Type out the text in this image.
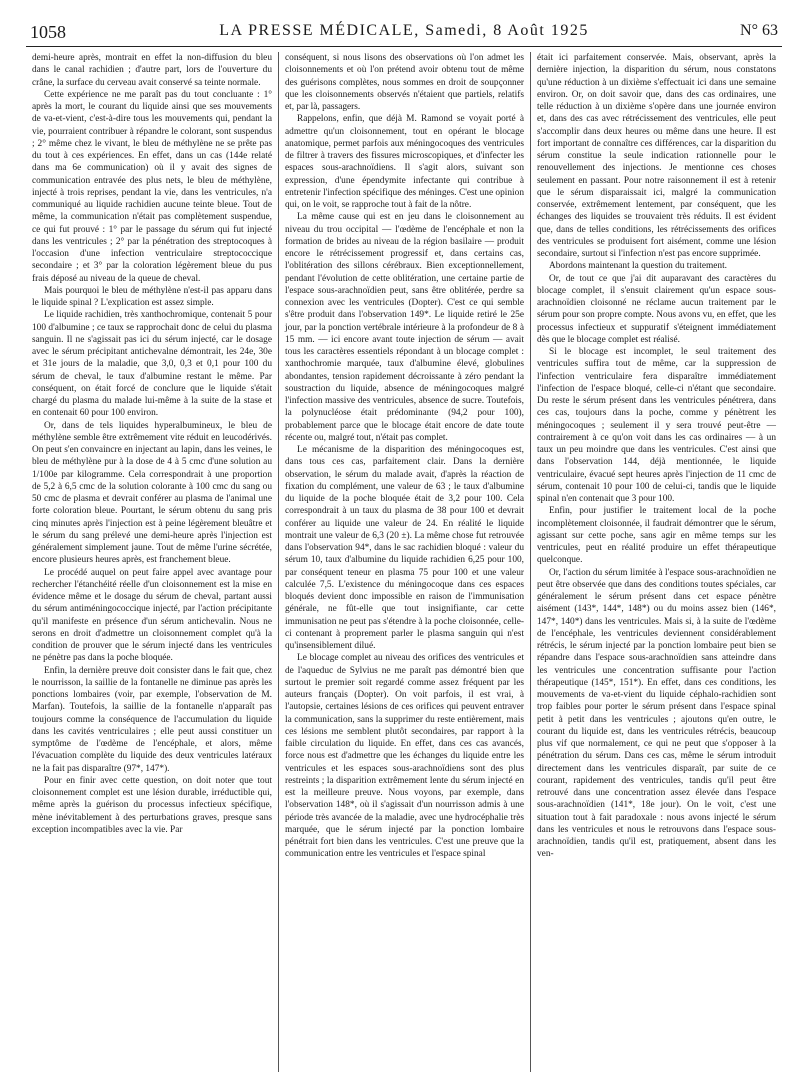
1058	LA PRESSE MÉDICALE, Samedi, 8 Août 1925	N° 63

demi-heure après, montrait en effet la non-diffusion du bleu dans le canal rachidien ; d'autre part, lors de l'ouverture du crâne, la surface du cerveau avait conservé sa teinte normale.

Cette expérience ne me paraît pas du tout concluante : 1° après la mort, le courant du liquide ainsi que ses mouvements de va-et-vient, c'est-à-dire tous les mouvements qui, pendant la vie, pourraient contribuer à répandre le colorant, sont suspendus ; 2° même chez le vivant, le bleu de méthylène ne se prête pas du tout à ces expériences. En effet, dans un cas (144e relaté dans ma 6e communication) où il y avait des signes de communication entravée des plus nets, le bleu de méthylène, injecté à trois reprises, pendant la vie, dans les ventricules, n'a communiqué au liquide rachidien aucune teinte bleue. Tout de même, la communication n'était pas complètement suspendue, ce qui fut prouvé : 1° par le passage du sérum qui fut injecté dans les ventricules ; 2° par la pénétration des streptocoques à l'occasion d'une infection ventriculaire streptococcique secondaire ; et 3° par la coloration légèrement bleue du pus frais déposé au niveau de la queue de cheval.

Mais pourquoi le bleu de méthylène n'est-il pas apparu dans le liquide spinal ? L'explication est assez simple.

Le liquide rachidien, très xanthochromique, contenait 5 pour 100 d'albumine ; ce taux se rapprochait donc de celui du plasma sanguin. Il ne s'agissait pas ici du sérum injecté, car le dosage avec le sérum précipitant antichevalne démontrait, les 24e, 30e et 31e jours de la maladie, que 3,0, 0,3 et 0,1 pour 100 du sérum de cheval, le taux d'albumine restant le même. Par conséquent, on était forcé de conclure que le liquide s'était chargé du plasma du malade lui-même à la suite de la stase et en contenait 60 pour 100 environ.

Or, dans de tels liquides hyperalbumineux, le bleu de méthylène semble être extrêmement vite réduit en leucodérivés. On peut s'en convaincre en injectant au lapin, dans les veines, le bleu de méthylène pur à la dose de 4 à 5 cmc d'une solution au 1/100e par kilogramme. Cela correspondrait à une proportion de 5,2 à 6,5 cmc de la solution colorante à 100 cmc du sang ou 50 cmc de plasma et devrait conférer au plasma de l'animal une forte coloration bleue. Pourtant, le sérum obtenu du sang pris cinq minutes après l'injection est à peine légèrement bleuâtre et le sérum du sang prélevé une demi-heure après l'injection est généralement simplement jaune. Tout de même l'urine sécrétée, encore plusieurs heures après, est franchement bleue.

Le procédé auquel on peut faire appel avec avantage pour rechercher l'étanchéité réelle d'un cloisonnement est la mise en évidence même et le dosage du sérum de cheval, partant aussi du sérum antiméningococcique injecté, par l'action précipitante qu'il manifeste en présence d'un sérum antichevalin. Nous ne serons en droit d'admettre un cloisonnement complet qu'à la condition de prouver que le sérum injecté dans les ventricules ne pénètre pas dans la poche bloquée.

Enfin, la dernière preuve doit consister dans le fait que, chez le nourrisson, la saillie de la fontanelle ne diminue pas après les ponctions lombaires (voir, par exemple, l'observation de M. Marfan). Toutefois, la saillie de la fontanelle n'apparaît pas toujours comme la conséquence de l'accumulation du liquide dans les cavités ventriculaires ; elle peut aussi constituer un symptôme de l'œdème de l'encéphale, et alors, même l'évacuation complète du liquide des deux ventricules latéraux ne la fait pas disparaître (97*, 147*).

Pour en finir avec cette question, on doit noter que tout cloisonnement complet est une lésion durable, irréductible qui, même après la guérison du processus infectieux spécifique, mène inévitablement à des perturbations graves, presque sans exception incompatibles avec la vie. Par

conséquent, si nous lisons des observations où l'on admet les cloisonnements et où l'on prétend avoir obtenu tout de même des guérisons complètes, nous sommes en droit de soupçonner que les cloisonnements observés n'étaient que partiels, relatifs et, par là, passagers.

Rappelons, enfin, que déjà M. Ramond se voyait porté à admettre qu'un cloisonnement, tout en opérant le blocage anatomique, permet parfois aux méningocoques des ventricules de filtrer à travers des fissures microscopiques, et d'infecter les espaces sous-arachnoïdiens. Il s'agit alors, suivant son expression, d'une épendymite infectante qui contribue à entretenir l'infection spécifique des méninges. C'est une opinion qui, on le voit, se rapproche tout à fait de la nôtre.

La même cause qui est en jeu dans le cloisonnement au niveau du trou occipital — l'œdème de l'encéphale et non la formation de brides au niveau de la région basilaire — produit encore le rétrécissement progressif et, dans certains cas, l'oblitération des sillons cérébraux. Bien exceptionnellement, pendant l'évolution de cette oblitération, une certaine partie de l'espace sous-arachnoïdien peut, sans être oblitérée, perdre sa connexion avec les ventricules (Dopter). C'est ce qui semble s'être produit dans l'observation 149*. Le liquide retiré le 25e jour, par la ponction vertébrale intérieure à la profondeur de 8 à 15 mm. — ici encore avant toute injection de sérum — avait tous les caractères essentiels répondant à un blocage complet : xanthochromie marquée, taux d'albumine élevé, globulines abondantes, tension rapidement décroissante à zéro pendant la soustraction du liquide, absence de méningocoques malgré l'infection massive des ventricules, absence de sucre. Toutefois, la polynucléose était prédominante (94,2 pour 100), probablement parce que le blocage était encore de date toute récente ou, malgré tout, n'était pas complet.

Le mécanisme de la disparition des méningocoques est, dans tous ces cas, parfaitement clair. Dans la dernière observation, le sérum du malade avait, d'après la réaction de fixation du complément, une valeur de 63 ; le taux d'albumine du liquide de la poche bloquée était de 3,2 pour 100. Cela correspondrait à un taux du plasma de 38 pour 100 et devrait conférer au liquide une valeur de 24. En réalité le liquide montrait une valeur de 6,3 (20 ±). La même chose fut retrouvée dans l'observation 94*, dans le sac rachidien bloqué : valeur du sérum 10, taux d'albumine du liquide rachidien 6,25 pour 100, par conséquent teneur en plasma 75 pour 100 et une valeur calculée 7,5. L'existence du méningocoque dans ces espaces bloqués devient donc impossible en raison de l'immunisation générale, ne fût-elle que tout insignifiante, car cette immunisation ne peut pas s'étendre à la poche cloisonnée, celle-ci contenant à proprement parler le plasma sanguin qui n'est qu'insensiblement dilué.

Le blocage complet au niveau des orifices des ventricules et de l'aqueduc de Sylvius ne me paraît pas démontré bien que surtout le premier soit regardé comme assez fréquent par les auteurs français (Dopter). On voit parfois, il est vrai, à l'autopsie, certaines lésions de ces orifices qui peuvent entraver la communication, sans la supprimer du reste entièrement, mais ces lésions me semblent plutôt secondaires, par rapport à la faible circulation du liquide. En effet, dans ces cas avancés, force nous est d'admettre que les échanges du liquide entre les ventricules et les espaces sous-arachnoïdiens sont des plus restreints ; la disparition extrêmement lente du sérum injecté en est la meilleure preuve. Nous voyons, par exemple, dans l'observation 148*, où il s'agissait d'un nourrisson admis à une période très avancée de la maladie, avec une hydrocéphalie très marquée, que le sérum injecté par la ponction lombaire pénétrait fort bien dans les ventricules. C'est une preuve que la communication entre les ventricules et l'espace spinal

était ici parfaitement conservée. Mais, observant, après la dernière injection, la disparition du sérum, nous constatons qu'une réduction à un dixième s'effectuait ici dans une semaine environ. Or, on doit savoir que, dans des cas ordinaires, une telle réduction à un dixième s'opère dans une journée environ et, dans des cas avec rétrécissement des ventricules, elle peut s'accomplir dans deux heures ou même dans une heure. Il est fort important de connaître ces différences, car la disparition du sérum constitue la seule indication rationnelle pour le renouvellement des injections. Je mentionne ces choses seulement en passant. Pour notre raisonnement il est à retenir que le sérum disparaissait ici, malgré la communication conservée, extrêmement lentement, par conséquent, que les échanges des liquides se trouvaient très réduits. Il est évident que, dans de telles conditions, les rétrécissements des orifices des ventricules se produisent fort aisément, comme une lésion secondaire, surtout si l'infection n'est pas encore supprimée.

Abordons maintenant la question du traitement.

Or, de tout ce que j'ai dit auparavant des caractères du blocage complet, il s'ensuit clairement qu'un espace sous-arachnoïdien cloisonné ne réclame aucun traitement par le sérum pour son propre compte. Nous avons vu, en effet, que les processus infectieux et suppuratif s'éteignent immédiatement dès que le blocage complet est réalisé.

Si le blocage est incomplet, le seul traitement des ventricules suffira tout de même, car la suppression de l'infection ventriculaire fera disparaître immédiatement l'infection de l'espace bloqué, celle-ci n'étant que secondaire. Du reste le sérum présent dans les ventricules pénétrera, dans ces cas, toujours dans la poche, comme y pénètrent les méningocoques ; seulement il y sera trouvé peut-être — contrairement à ce qu'on voit dans les cas ordinaires — à un taux un peu moindre que dans les ventricules. C'est ainsi que dans l'observation 144, déjà mentionnée, le liquide ventriculaire, évacué sept heures après l'injection de 11 cmc de sérum, contenait 10 pour 100 de celui-ci, tandis que le liquide spinal n'en contenait que 3 pour 100.

Enfin, pour justifier le traitement local de la poche incomplètement cloisonnée, il faudrait démontrer que le sérum, agissant sur cette poche, sans agir en même temps sur les ventricules, peut en réalité produire un effet thérapeutique quelconque.

Or, l'action du sérum limitée à l'espace sous-arachnoïdien ne peut être observée que dans des conditions toutes spéciales, car généralement le sérum présent dans cet espace pénètre aisément (143*, 144*, 148*) ou du moins assez bien (146*, 147*, 140*) dans les ventricules. Mais si, à la suite de l'œdème de l'encéphale, les ventricules deviennent considérablement rétrécis, le sérum injecté par la ponction lombaire peut bien se répandre dans l'espace sous-arachnoïdien sans atteindre dans les ventricules une concentration suffisante pour l'action thérapeutique (145*, 151*). En effet, dans ces conditions, les mouvements de va-et-vient du liquide céphalo-rachidien sont trop faibles pour porter le sérum présent dans l'espace spinal petit à petit dans les ventricules ; ajoutons qu'en outre, le courant du liquide est, dans les ventricules rétrécis, beaucoup plus vif que normalement, ce qui ne peut que s'opposer à la pénétration du sérum. Dans ces cas, même le sérum introduit directement dans les ventricules disparaît, par suite de ce courant, rapidement des ventricules, tandis qu'il peut être retrouvé dans une concentration assez élevée dans l'espace sous-arachnoïdien (141*, 18e jour). On le voit, c'est une situation tout à fait paradoxale : nous avons injecté le sérum dans les ventricules et nous le retrouvons dans l'espace sous-arachnoïdien, tandis qu'il est, pratiquement, absent dans les ven-
